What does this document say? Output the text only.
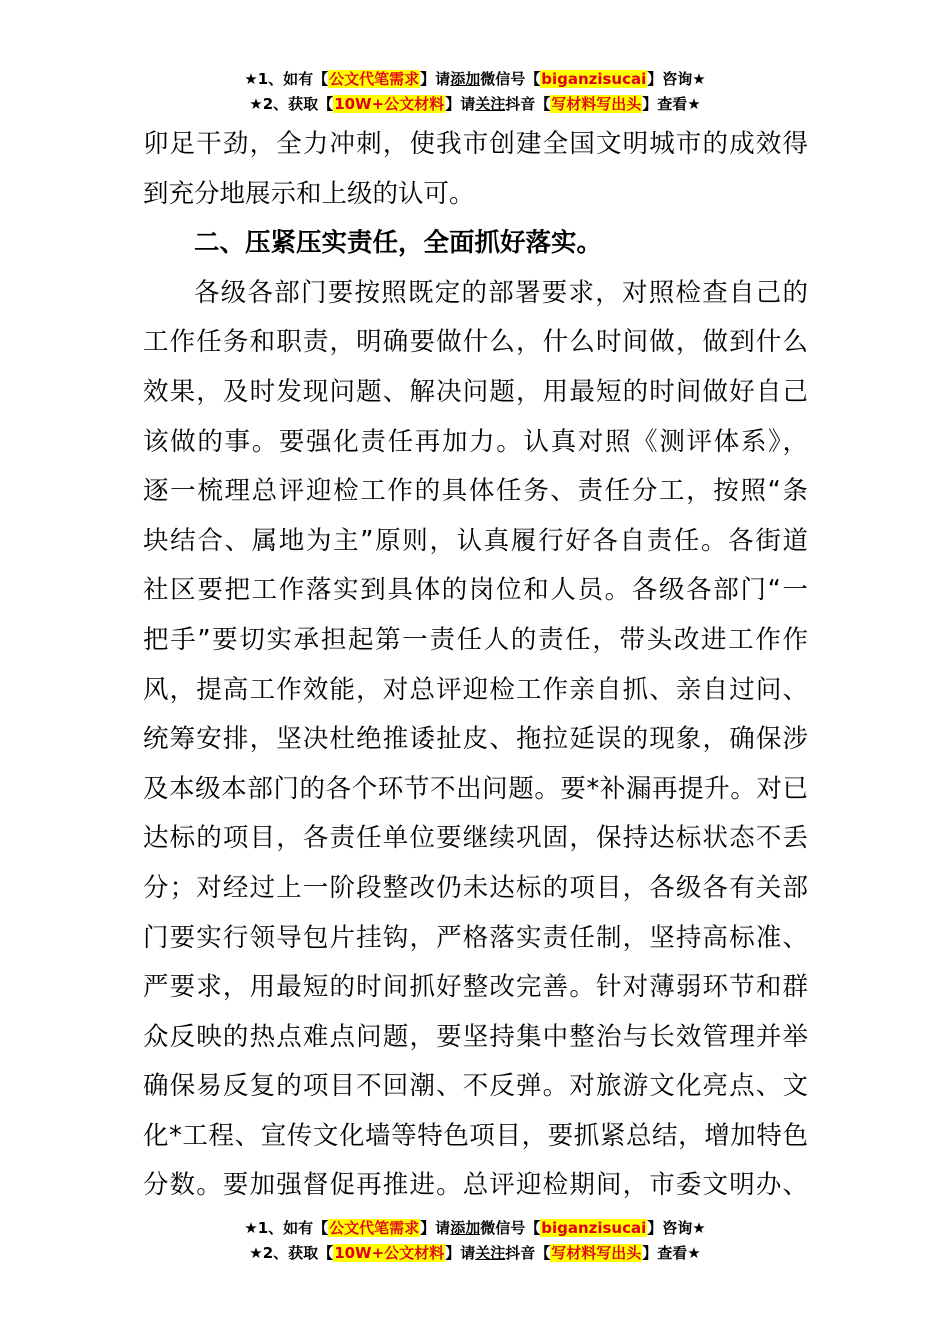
★1、如有【公文代笔需求】请添加微信号【biganzisucai】咨询★
★2、获取【10W+公文材料】请关注抖音【写材料写出头】查看★
卯足干劲，全力冲刺，使我市创建全国文明城市的成效得
到充分地展示和上级的认可。
二、压紧压实责任，全面抓好落实。
各级各部门要按照既定的部署要求，对照检查自己的
工作任务和职责，明确要做什么，什么时间做，做到什么
效果，及时发现问题、解决问题，用最短的时间做好自己
该做的事。要强化责任再加力。认真对照《测评体系》，
逐一梳理总评迎检工作的具体任务、责任分工，按照“条
块结合、属地为主”原则，认真履行好各自责任。各街道
社区要把工作落实到具体的岗位和人员。各级各部门“一
把手”要切实承担起第一责任人的责任，带头改进工作作
风，提高工作效能，对总评迎检工作亲自抓、亲自过问、
统筹安排，坚决杜绝推诿扯皮、拖拉延误的现象，确保涉
及本级本部门的各个环节不出问题。要*补漏再提升。对已
达标的项目，各责任单位要继续巩固，保持达标状态不丢
分；对经过上一阶段整改仍未达标的项目，各级各有关部
门要实行领导包片挂钩，严格落实责任制，坚持高标准、
严要求，用最短的时间抓好整改完善。针对薄弱环节和群
众反映的热点难点问题，要坚持集中整治与长效管理并举
确保易反复的项目不回潮、不反弹。对旅游文化亮点、文
化*工程、宣传文化墙等特色项目，要抓紧总结，增加特色
分数。要加强督促再推进。总评迎检期间，市委文明办、
★1、如有【公文代笔需求】请添加微信号【biganzisucai】咨询★
★2、获取【10W+公文材料】请关注抖音【写材料写出头】查看★
